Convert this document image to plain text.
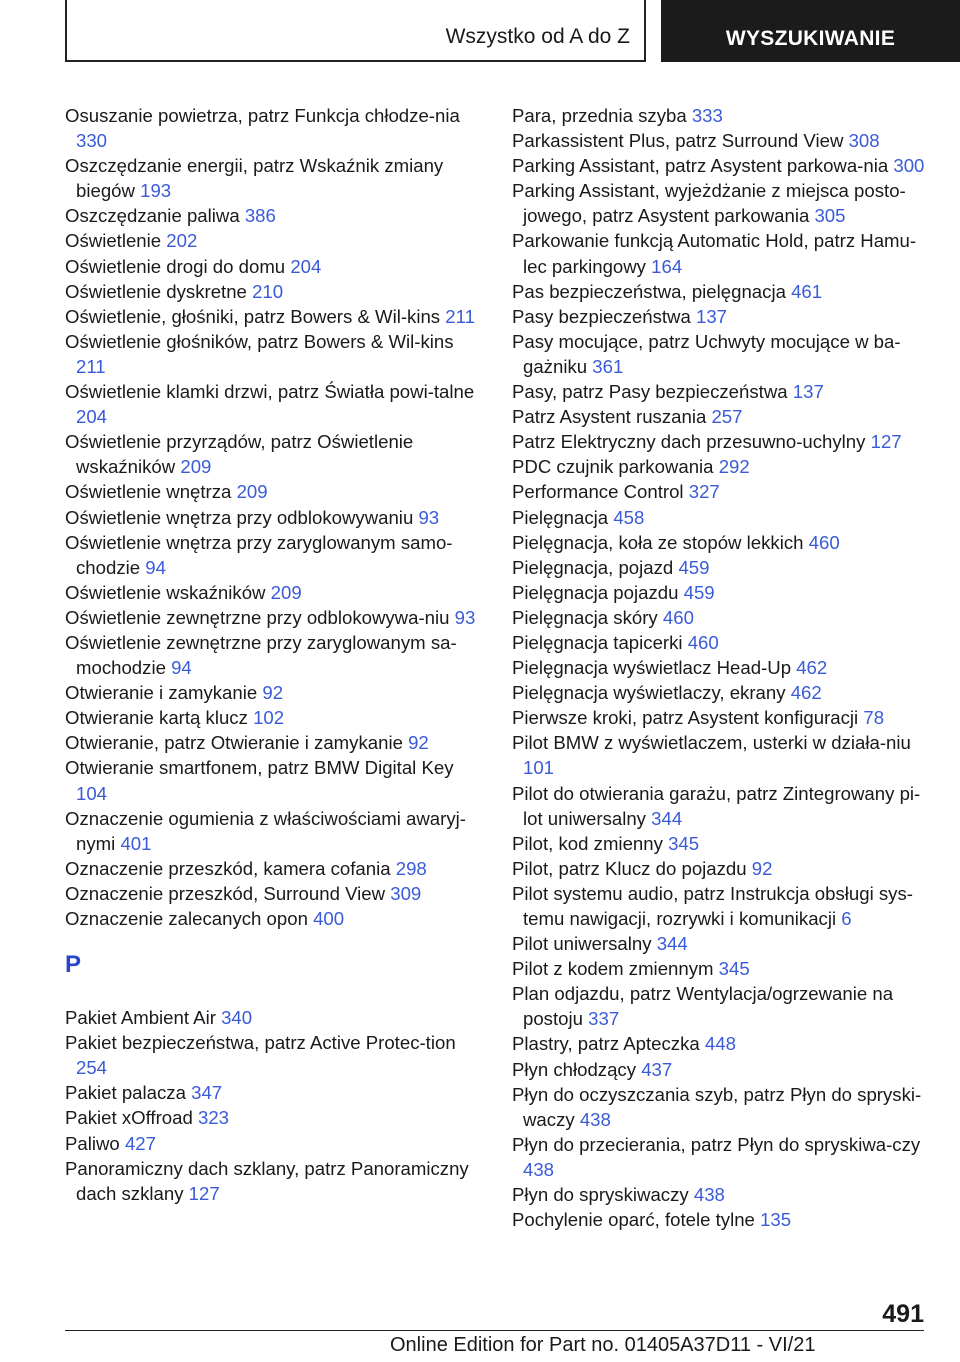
Wszystko od A do Z	WYSZUKIWANIE
Osuszanie powietrza, patrz Funkcja chłodze‐nia 330
Oszczędzanie energii, patrz Wskaźnik zmiany biegów 193
Oszczędzanie paliwa 386
Oświetlenie 202
Oświetlenie drogi do domu 204
Oświetlenie dyskretne 210
Oświetlenie, głośniki, patrz Bowers & Wil‐kins 211
Oświetlenie głośników, patrz Bowers & Wil‐kins 211
Oświetlenie klamki drzwi, patrz Światła powi‐talne 204
Oświetlenie przyrządów, patrz Oświetlenie wskaźników 209
Oświetlenie wnętrza 209
Oświetlenie wnętrza przy odblokowywaniu 93
Oświetlenie wnętrza przy zaryglowanym samo‐chodzie 94
Oświetlenie wskaźników 209
Oświetlenie zewnętrzne przy odblokowywa‐niu 93
Oświetlenie zewnętrzne przy zaryglowanym sa‐mochodzie 94
Otwieranie i zamykanie 92
Otwieranie kartą klucz 102
Otwieranie, patrz Otwieranie i zamykanie 92
Otwieranie smartfonem, patrz BMW Digital Key 104
Oznaczenie ogumienia z właściwościami awaryj‐nymi 401
Oznaczenie przeszkód, kamera cofania 298
Oznaczenie przeszkód, Surround View 309
Oznaczenie zalecanych opon 400
P
Pakiet Ambient Air 340
Pakiet bezpieczeństwa, patrz Active Protec‐tion 254
Pakiet palacza 347
Pakiet xOffroad 323
Paliwo 427
Panoramiczny dach szklany, patrz Panoramiczny dach szklany 127
Para, przednia szyba 333
Parkassistent Plus, patrz Surround View 308
Parking Assistant, patrz Asystent parkowa‐nia 300
Parking Assistant, wyjeżdżanie z miejsca posto‐jowego, patrz Asystent parkowania 305
Parkowanie funkcją Automatic Hold, patrz Hamu‐lec parkingowy 164
Pas bezpieczeństwa, pielęgnacja 461
Pasy bezpieczeństwa 137
Pasy mocujące, patrz Uchwyty mocujące w ba‐gażniku 361
Pasy, patrz Pasy bezpieczeństwa 137
Patrz Asystent ruszania 257
Patrz Elektryczny dach przesuwno-uchylny 127
PDC czujnik parkowania 292
Performance Control 327
Pielęgnacja 458
Pielęgnacja, koła ze stopów lekkich 460
Pielęgnacja, pojazd 459
Pielęgnacja pojazdu 459
Pielęgnacja skóry 460
Pielęgnacja tapicerki 460
Pielęgnacja wyświetlacz Head-Up 462
Pielęgnacja wyświetlaczy, ekrany 462
Pierwsze kroki, patrz Asystent konfiguracji 78
Pilot BMW z wyświetlaczem, usterki w działa‐niu 101
Pilot do otwierania garażu, patrz Zintegrowany pi‐lot uniwersalny 344
Pilot, kod zmienny 345
Pilot, patrz Klucz do pojazdu 92
Pilot systemu audio, patrz Instrukcja obsługi sys‐temu nawigacji, rozrywki i komunikacji 6
Pilot uniwersalny 344
Pilot z kodem zmiennym 345
Plan odjazdu, patrz Wentylacja/ogrzewanie na postoju 337
Plastry, patrz Apteczka 448
Płyn chłodzący 437
Płyn do oczyszczania szyb, patrz Płyn do spryski‐waczy 438
Płyn do przecierania, patrz Płyn do spryskiwa‐czy 438
Płyn do spryskiwaczy 438
Pochylenie oparć, fotele tylne 135
491
Online Edition for Part no. 01405A37D11 - VI/21
